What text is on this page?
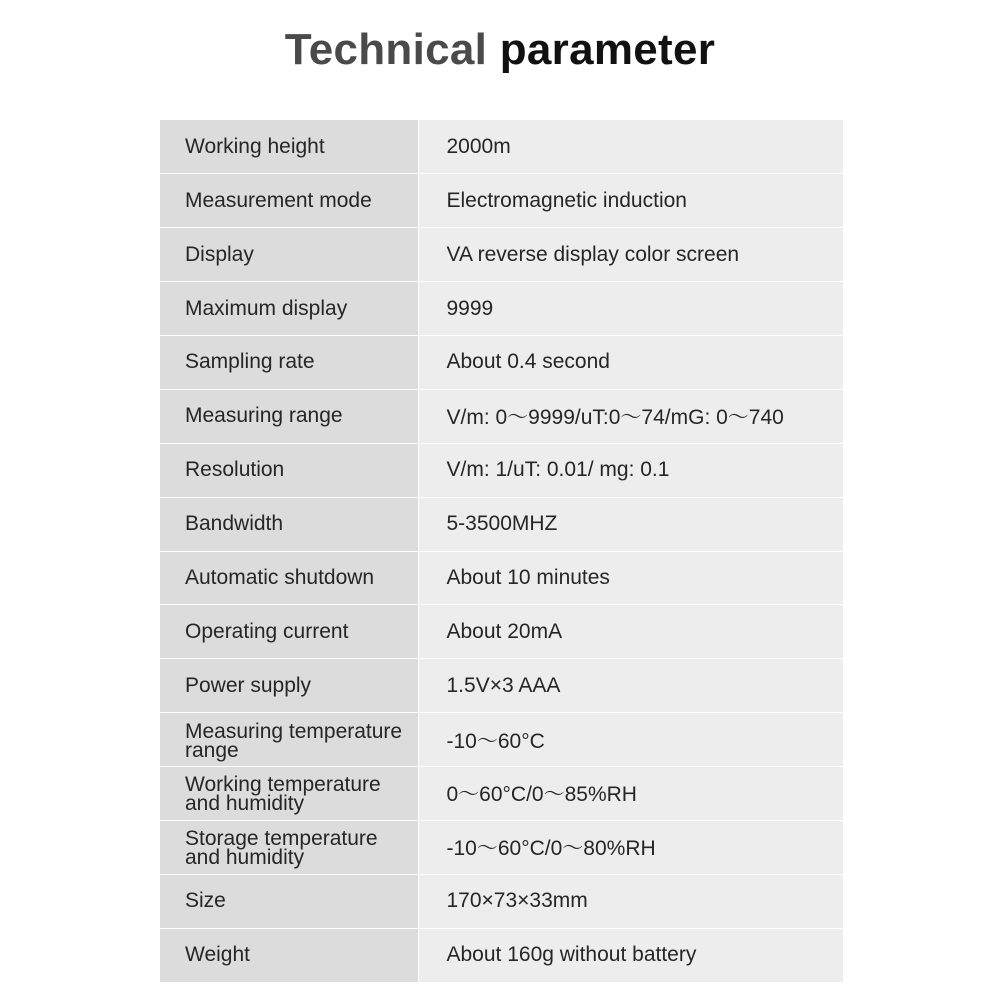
Technical parameter
Working height	2000m
Measurement mode	Electromagnetic induction
Display	VA reverse display color screen
Maximum display	9999
Sampling rate	About 0.4 second
Measuring range	V/m: 0〜9999/uT:0〜74/mG: 0〜740
Resolution	V/m: 1/uT: 0.01/ mg: 0.1
Bandwidth	5-3500MHZ
Automatic shutdown	About 10 minutes
Operating current	About 20mA
Power supply	1.5V×3 AAA
Measuring temperature range	-10〜60°C
Working temperature and humidity	0〜60°C/0〜85%RH
Storage temperature and humidity	-10〜60°C/0〜80%RH
Size	170×73×33mm
Weight	About 160g without battery
